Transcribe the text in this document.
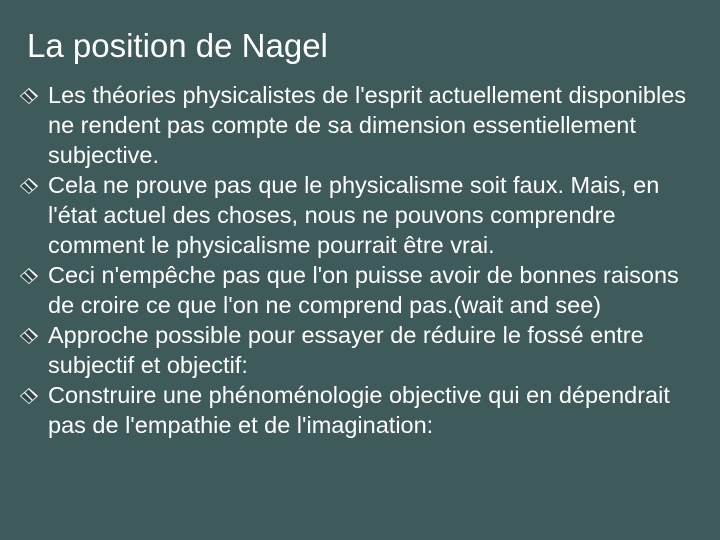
La position de Nagel
Les théories physicalistes de l'esprit actuellement disponibles ne rendent pas compte de sa dimension essentiellement subjective.
Cela ne prouve pas que le physicalisme soit faux. Mais, en l'état actuel des choses, nous ne pouvons comprendre comment le physicalisme pourrait être vrai.
Ceci n'empêche pas que l'on puisse avoir de bonnes raisons de croire ce que l'on ne comprend pas.(wait and see)
Approche possible pour essayer de réduire le fossé entre subjectif et objectif:
Construire une phénoménologie objective qui en dépendrait pas de l'empathie et de l'imagination:
